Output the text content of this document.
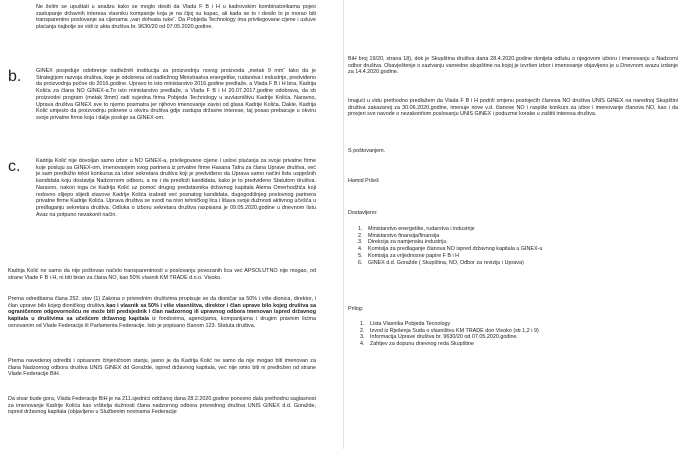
Ne želim se upuštati u analizu kako se moglo desiti da Vlada F B i H u kadrovskim kombinatorikama pojeo zastupanje državnih interesa vlasniku kompanije koja je na čijoj su kupac, ali kada se to i desilo to je morao biti transparentno poslovanje sa cijenama „van dohvata ruke“. Da Pobjeda Technology ima privilegovane cijene i usluve plaćanja najbolje se vidi iz akta društva br. 9630/20 od 07.05.2020.godine.

b.	GINEX posjeduje odobrenje nadležnih institucija za proizvodnju novog proizvoda „metak 9 mm“ tako da je Strategijom razvoja društva, koje je odobrena od nadležnog Ministrastva energetike, rudarstva i industrije, predviđeno da proizvodnja počne do 2016.godine. Upravo to isto ministarstvo 2016.godine predlaže, a Vlada F B i H bira, Kadrija Kolića za člana NO GINEX-a.To isto ministarstvo predlaže, a Vlada F B i H 20.07.2017.godine odobrava, da sb proizvodni program (metak 9mm) radi sujedna firma Pobjeda Technology u suvlasništvu Kadrije Kolića. Naravno, Uprava društva GINEX sve to njemo posmatra jer njihovo imenovanje zavisi od glasa Kadrije Kolića. Dakle, Kadrija Kolić umjesto da proizvodnju pokrene u okviru društva gdje zastupa državne interese, taj posao prebacuje u okviru svoje privatne firme koja i dalje posluje sa GINEX-om.

c.	Kadrija Kolić nije dovoljan samo izbor u NO GINEX-a, privilegovane cijene i uslovi plaćanja za svoje privatne firme koje posluju sa GINEX-om, imenovanjem svog partnera iz privatne firme Hasana Tafra za člana Uprave društva, već je sam predložio tekst konkursa za izbor sekretara društva koji je predviđeno da Uprava samo načini listu uspješnih kandidata koju dostavlja Nadzornom odboru, a ne i da predloži kandidata, kako je to predviđeno Statutom društva. Naravno, nakon toga će Kadrija Kolić uz pomoć drugog predstavnika državnog kapitala Alema Omerhodžića koji redovno slijepo slijedi stavove Kadrije Kolića izabrati već poznatog kandidata, dugogodišnjeg poslovnog partnera privatne firme Kadrije Kolića. Uprava društva se svodi na nivo tehničkog lica i lišava svoje dužnosti aktivnog učešća u predlaganju sekretara društva. Odluka o izboru sekretara društva raspisana je 09.05.2020.godine u dnevnom listu Avaz na potpuno nezakonit način.

Kadrija Kolić ne samo da nije poštovao načelo transparentnosti u poslovanju povezanih lica već APSOLUTNO nije mogao, od strane Vlade F B i H, ni biti biran za člana NO, kao 50% vlasnik KM TRADE d.o.o. Visoko.

Prema odredbama člana 252. stav (1) Zakona o privrednim društvima propisuje se da dioničar sa 50% i više dionica, direktor, i član uprave bilo kojeg dioničkog društva kao i vlasnik sa 50% i više vlasništva, direktor i član uprave bilo kojeg društva sa ograničenom odgovornošću ne može biti predsjednik i član nadzornog ili upravnog odbora imenovan ispred državnog kapitala u društvima sa učešćem državnog kapitala iz fondovima, agencijama, kompanijama i drugim pravnim licima osnovanim od Vlade Federacije ili Parlamenta Federacije. Isto je popisano članom 123. Statuta društva.

Prema navedenoj odredbi i opisanom činjeničnom stanju, jasno je da Kadrija Kolić ne samo da nije mogao biti imenovan za člana Nadzornog odbora društva UNIS GINEX dd Goražde, ispred državnog kapitala, već nije smio biti ni predložen od strane Vlade Federacije BiH.

Da stvar bude gora, Vlada Federacije BiH je na 211.sjednici održanoj dana 28.2.2020.godine ponovno dala prethodnu saglasnost za imenovanje Kadrije Kolića kao vršitelja dužnosti člana nadzornog odbora privrednog društva UNIS GINEX d.d. Goražde, ispred državnog kapitala (objavljeno u Službenim novinama Federacije

BiH broj 19/20, strana 18), dok je Skupština društva dana 28.4.2020.godine donijela odluku o njegovom izboru i imenovanju u Nadzorni odbor društva. Obavještenje o sazivanju vanredne skupštine na kojoj je izvršen izbor i imenovanje objavljeno je u Dnevnom avazu izdanje za 14.4.2020.godine.

Imajući u vidu prethodno predlažem da Vlada F B i H podrži smjenu postojećih članova NO društva UNIS GINEX na narednoj Skupštini društva zakazanoj za 30.06.2020.godine, imenuje nove v.d. članove NO i raspiše konkurs za izbor i imenovanje članova NO, kao i da provjeri sve navode o nezakonitom poslovanju UNIS GINEX i poduzme korake u zaštiti interesa društva.

S poštovanjem.
Hamid Prŝeš
Dostavljeno:
1. Ministarstvo energetike, rudarstva i industrije
2. Ministarstvo finansija/finansija
3. Direkcija za namjensku industriju
4. Komisija za predlaganje članova NO ispred državnog kapitala u GINEX-u
5. Komisija za vrijednosne papire F B i H
6. GINEX d.d. Goražde ( Skupština, NO, Odbor za reviziju i Uprava)
Prilog:
1. Lista Vlasnika Pobjeda Tecnology
2. Izvod iz Rješenja Suda o vlasništvu KM TRADE doo Visoko (str.1,2 i 9)
3. Informacija Uprave društva br. 9630/20 od 07.05.2020.godine.
4. Zahtjev za dopunu dnevnog reda Skupštine
